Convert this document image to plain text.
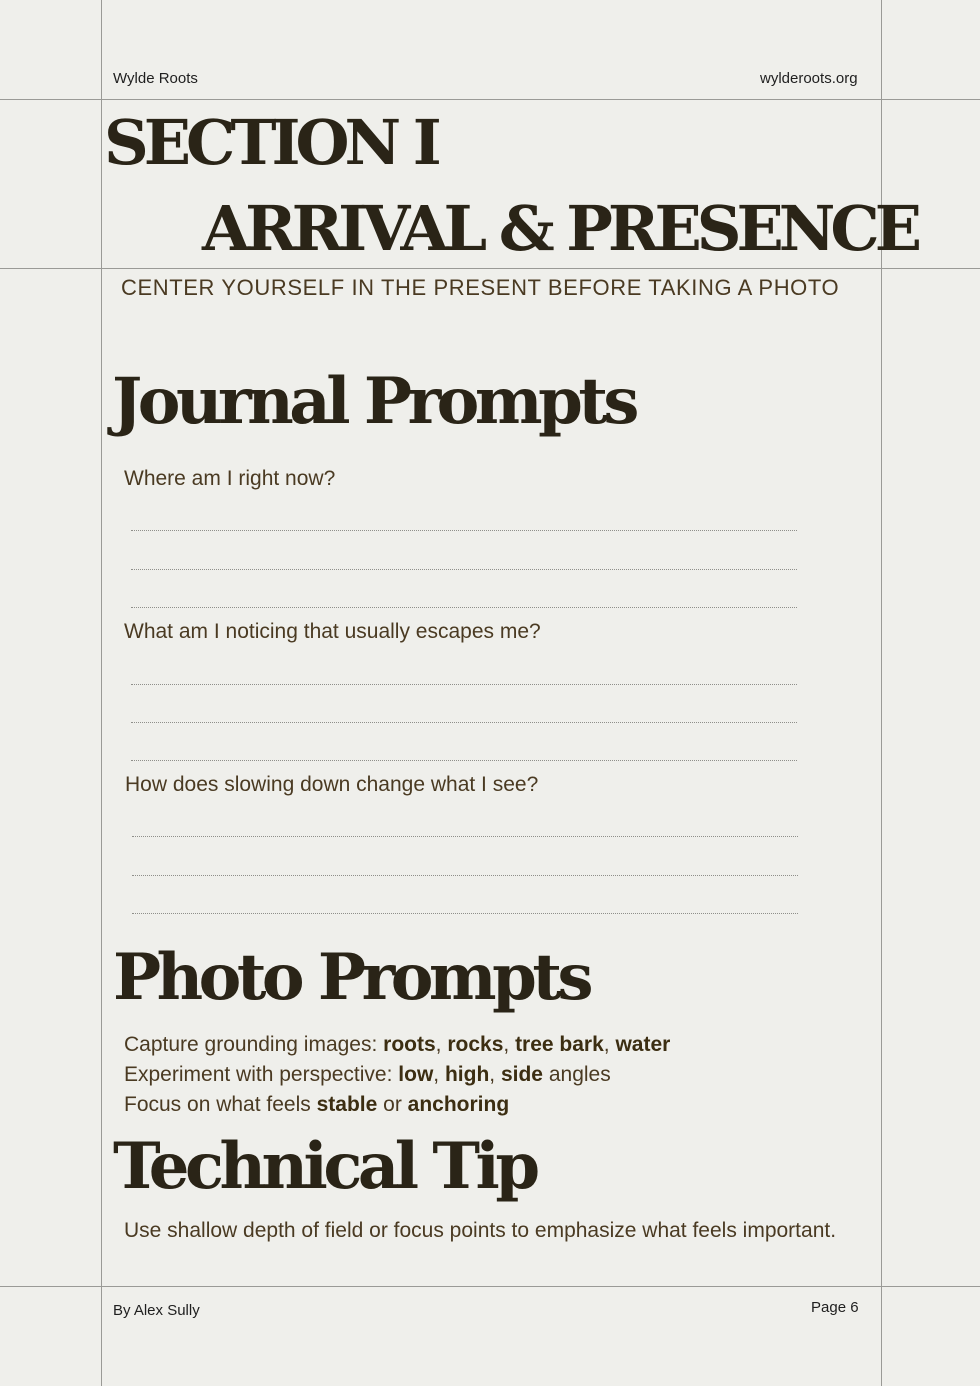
Wylde Roots	wylderoots.org
SECTION I
ARRIVAL & PRESENCE
CENTER YOURSELF IN THE PRESENT BEFORE TAKING A PHOTO
Journal Prompts
Where am I right now?
What am I noticing that usually escapes me?
How does slowing down change what I see?
Photo Prompts
Capture grounding images: roots, rocks, tree bark, water
Experiment with perspective: low, high, side angles
Focus on what feels stable or anchoring
Technical Tip
Use shallow depth of field or focus points to emphasize what feels important.
By Alex Sully	Page 6
